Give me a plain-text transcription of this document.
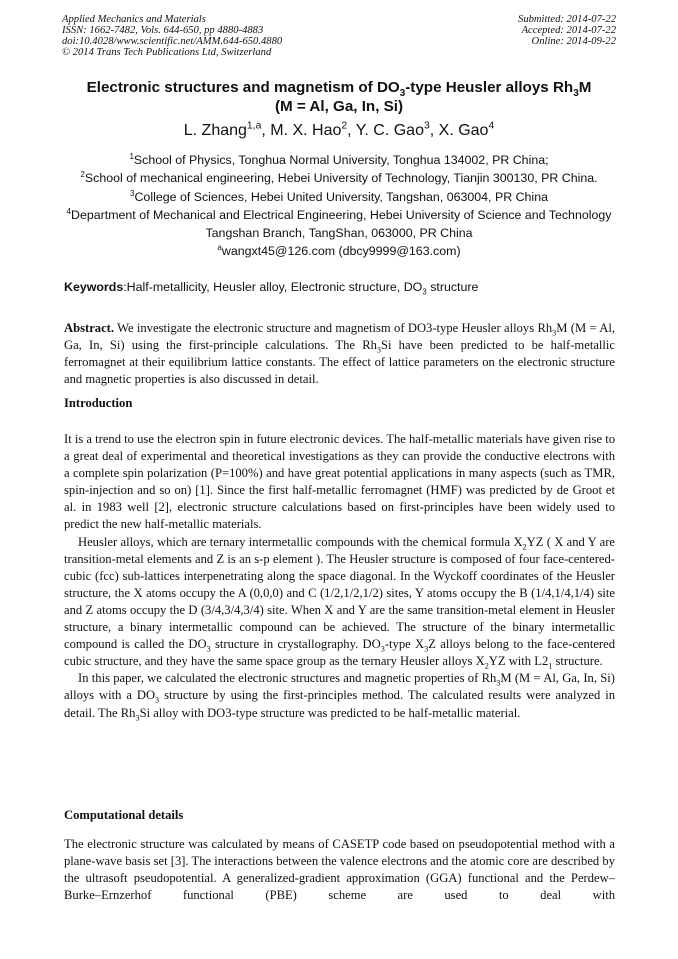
Applied Mechanics and Materials
ISSN: 1662-7482, Vols. 644-650, pp 4880-4883
doi:10.4028/www.scientific.net/AMM.644-650.4880
© 2014 Trans Tech Publications Ltd, Switzerland
Submitted: 2014-07-22
Accepted: 2014-07-22
Online: 2014-09-22
Electronic structures and magnetism of $DO_3$-type Heusler alloys $Rh_3M$
(M = Al, Ga, In, Si)
L. Zhang$^{1,a}$, M. X. Hao$^2$, Y. C. Gao$^3$, X. Gao$^4$
$^1$School of Physics, Tonghua Normal University, Tonghua 134002, PR China;
$^2$School of mechanical engineering, Hebei University of Technology, Tianjin 300130, PR China.
$^3$College of Sciences, Hebei United University, Tangshan, 063004, PR China
$^4$Department of Mechanical and Electrical Engineering, Hebei University of Science and Technology
Tangshan Branch, TangShan, 063000, PR China
$^a$wangxt45@126.com (dbcy9999@163.com)
Keywords:Half-metallicity, Heusler alloy, Electronic structure, $DO_3$ structure

Abstract. We investigate the electronic structure and magnetism of DO3-type Heusler alloys $Rh_3M$ (M = Al, Ga, In, Si) using the first-principle calculations. The $Rh_3Si$ have been predicted to be half-metallic ferromagnet at their equilibrium lattice constants. The effect of lattice parameters on the electronic structure and magnetic properties is also discussed in detail.

Introduction

It is a trend to use the electron spin in future electronic devices. The half-metallic materials have given rise to a great deal of experimental and theoretical investigations as they can provide the conductive electrons with a complete spin polarization (P=100%) and have great potential applications in many aspects (such as TMR, spin-injection and so on) [1]. Since the first half-metallic ferromagnet (HMF) was predicted by de Groot et al. in 1983 well [2], electronic structure calculations based on first-principles have been widely used to predict the new half-metallic materials.

Heusler alloys, which are ternary intermetallic compounds with the chemical formula $X_2YZ$ ( X and Y are transition-metal elements and Z is an s-p element ). The Heusler structure is composed of four face-centered-cubic (fcc) sub-lattices interpenetrating along the space diagonal. In the Wyckoff coordinates of the Heusler structure, the X atoms occupy the A (0,0,0) and C (1/2,1/2,1/2) sites, Y atoms occupy the B (1/4,1/4,1/4) site and Z atoms occupy the D (3/4,3/4,3/4) site. When X and Y are the same transition-metal element in Heusler structure, a binary intermetallic compound can be achieved. The structure of the binary intermetallic compound is called the $DO_3$ structure in crystallography. $DO_3$-type $X_3Z$ alloys belong to the face-centered cubic structure, and they have the same space group as the ternary Heusler alloys $X_2YZ$ with $L2_1$ structure.

In this paper, we calculated the electronic structures and magnetic properties of $Rh_3M$ (M = Al, Ga, In, Si) alloys with a $DO_3$ structure by using the first-principles method. The calculated results were analyzed in detail. The $Rh_3Si$ alloy with DO3-type structure was predicted to be half-metallic material.

Computational details

The electronic structure was calculated by means of CASETP code based on pseudopotential method with a plane-wave basis set [3]. The interactions between the valence electrons and the atomic core are described by the ultrasoft pseudopotential. A generalized-gradient approximation (GGA) functional and the Perdew–Burke–Ernzerhof functional (PBE) scheme are used to deal with
